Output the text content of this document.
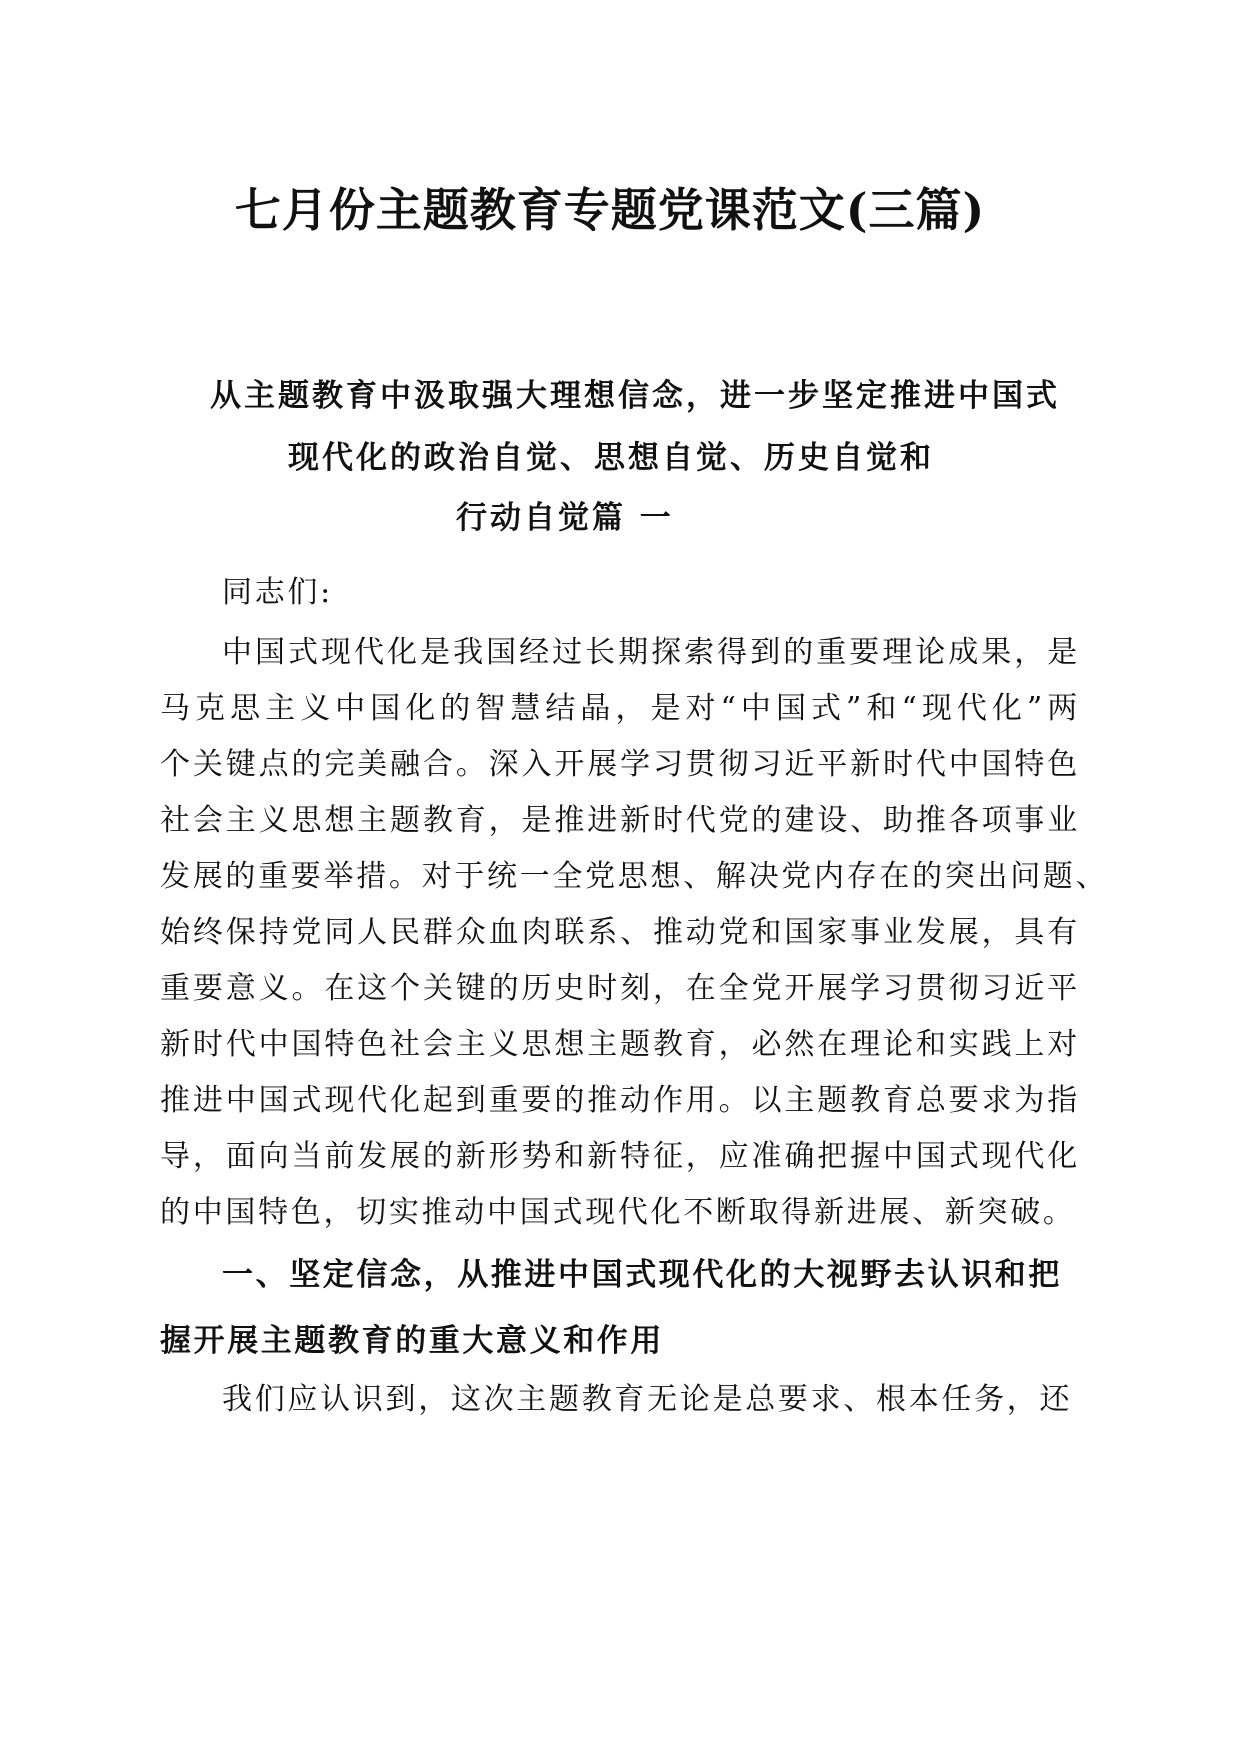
七月份主题教育专题党课范文(三篇)
从主题教育中汲取强大理想信念，进一步坚定推进中国式
现代化的政治自觉、思想自觉、历史自觉和
行动自觉篇 一
同志们:
中国式现代化是我国经过长期探索得到的重要理论成果，是
马克思主义中国化的智慧结晶，是对“中国式”和“现代化”两
个关键点的完美融合。深入开展学习贯彻习近平新时代中国特色
社会主义思想主题教育，是推进新时代党的建设、助推各项事业
发展的重要举措。对于统一全党思想、解决党内存在的突出问题、
始终保持党同人民群众血肉联系、推动党和国家事业发展，具有
重要意义。在这个关键的历史时刻，在全党开展学习贯彻习近平
新时代中国特色社会主义思想主题教育，必然在理论和实践上对
推进中国式现代化起到重要的推动作用。以主题教育总要求为指
导，面向当前发展的新形势和新特征，应准确把握中国式现代化
的中国特色，切实推动中国式现代化不断取得新进展、新突破。
一、坚定信念，从推进中国式现代化的大视野去认识和把
握开展主题教育的重大意义和作用
我们应认识到，这次主题教育无论是总要求、根本任务，还
